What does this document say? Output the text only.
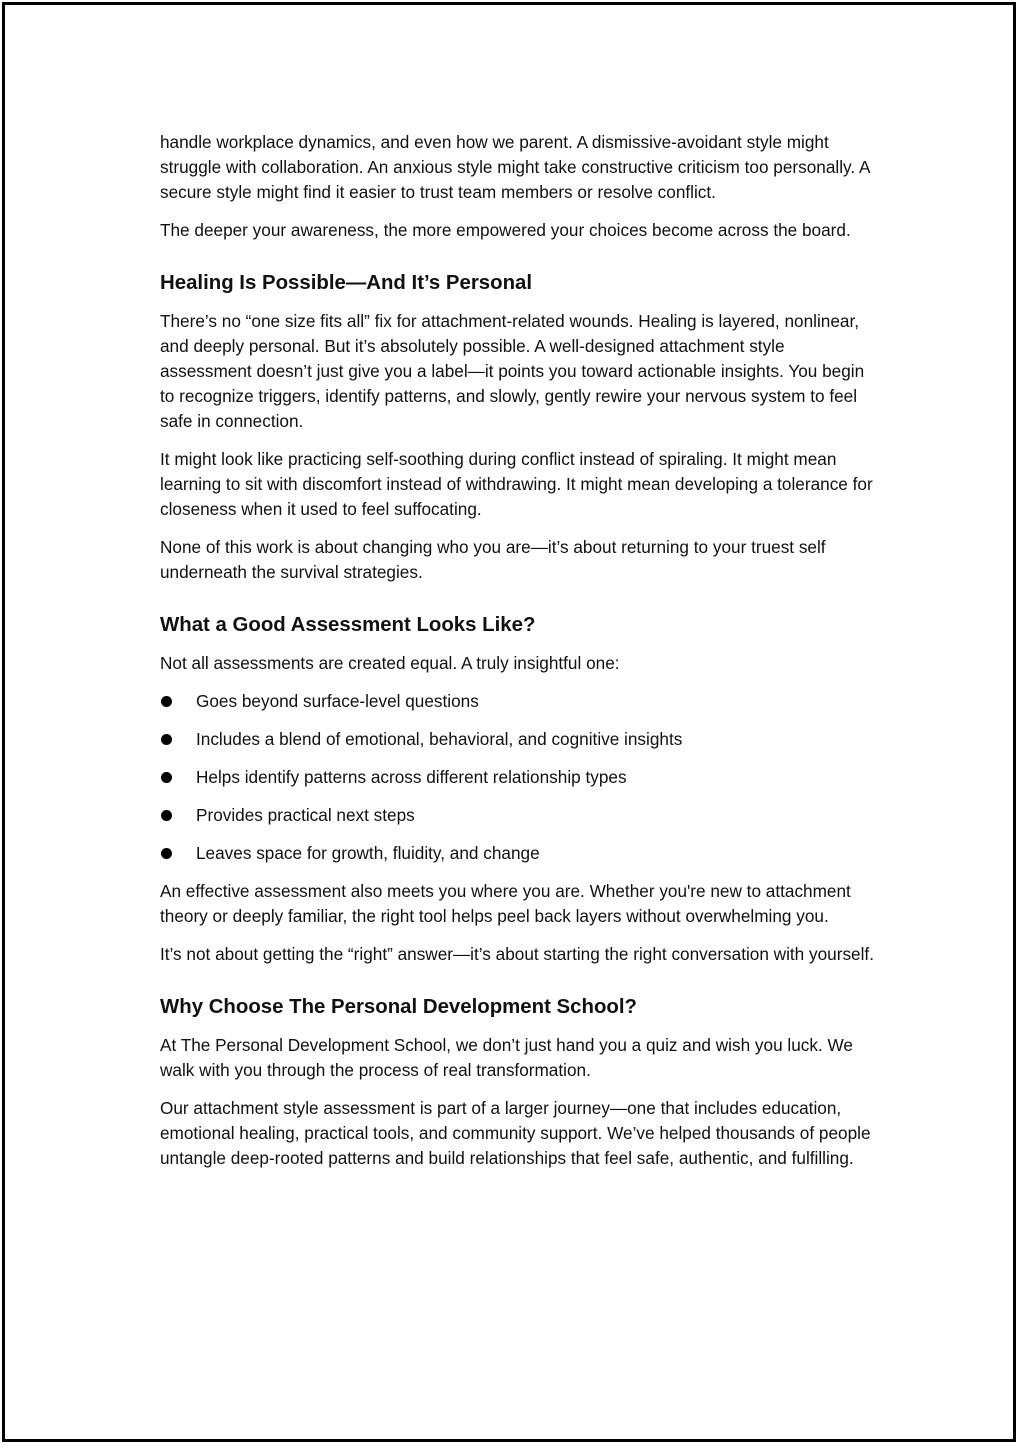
handle workplace dynamics, and even how we parent. A dismissive-avoidant style might struggle with collaboration. An anxious style might take constructive criticism too personally. A secure style might find it easier to trust team members or resolve conflict.

The deeper your awareness, the more empowered your choices become across the board.

Healing Is Possible—And It’s Personal

There’s no “one size fits all” fix for attachment-related wounds. Healing is layered, nonlinear, and deeply personal. But it’s absolutely possible. A well-designed attachment style assessment doesn’t just give you a label—it points you toward actionable insights. You begin to recognize triggers, identify patterns, and slowly, gently rewire your nervous system to feel safe in connection.

It might look like practicing self-soothing during conflict instead of spiraling. It might mean learning to sit with discomfort instead of withdrawing. It might mean developing a tolerance for closeness when it used to feel suffocating.

None of this work is about changing who you are—it’s about returning to your truest self underneath the survival strategies.

What a Good Assessment Looks Like?

Not all assessments are created equal. A truly insightful one:

Goes beyond surface-level questions
Includes a blend of emotional, behavioral, and cognitive insights
Helps identify patterns across different relationship types
Provides practical next steps
Leaves space for growth, fluidity, and change

An effective assessment also meets you where you are. Whether you're new to attachment theory or deeply familiar, the right tool helps peel back layers without overwhelming you.

It’s not about getting the “right” answer—it’s about starting the right conversation with yourself.

Why Choose The Personal Development School?

At The Personal Development School, we don’t just hand you a quiz and wish you luck. We walk with you through the process of real transformation.

Our attachment style assessment is part of a larger journey—one that includes education, emotional healing, practical tools, and community support. We’ve helped thousands of people untangle deep-rooted patterns and build relationships that feel safe, authentic, and fulfilling.
